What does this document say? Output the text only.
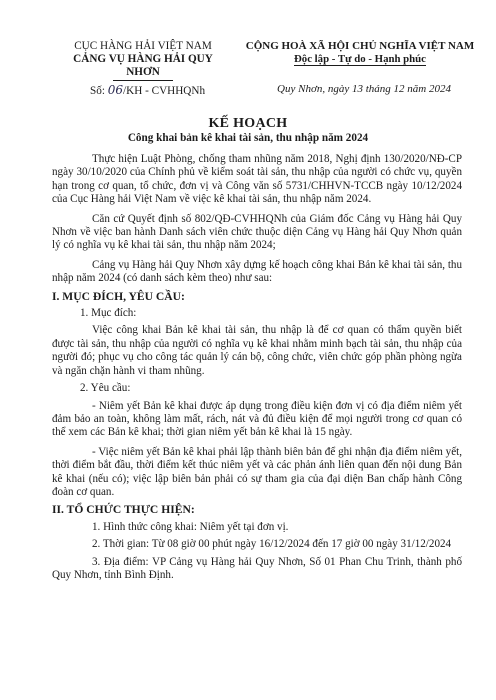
CỤC HÀNG HẢI VIỆT NAM
CẢNG VỤ HÀNG HẢI QUY NHƠN
Số: 06/KH - CVHHQNh
CỘNG HOÀ XÃ HỘI CHỦ NGHĨA VIỆT NAM
Độc lập - Tự do - Hạnh phúc
Quy Nhơn, ngày 13 tháng 12 năm 2024
KẾ HOẠCH
Công khai bản kê khai tài sản, thu nhập năm 2024

Thực hiện Luật Phòng, chống tham nhũng năm 2018, Nghị định 130/2020/NĐ-CP ngày 30/10/2020 của Chính phủ về kiểm soát tài sản, thu nhập của người có chức vụ, quyền hạn trong cơ quan, tổ chức, đơn vị và Công văn số 5731/CHHVN-TCCB ngày 10/12/2024 của Cục Hàng hải Việt Nam về việc kê khai tài sản, thu nhập năm 2024.

Căn cứ Quyết định số 802/QĐ-CVHHQNh của Giám đốc Cảng vụ Hàng hải Quy Nhơn về việc ban hành Danh sách viên chức thuộc diện Cảng vụ Hàng hải Quy Nhơn quản lý có nghĩa vụ kê khai tài sản, thu nhập năm 2024;

Cảng vụ Hàng hải Quy Nhơn xây dựng kế hoạch công khai Bản kê khai tài sản, thu nhập năm 2024 (có danh sách kèm theo) như sau:

I. MỤC ĐÍCH, YÊU CẦU:

1. Mục đích:

Việc công khai Bản kê khai tài sản, thu nhập là để cơ quan có thẩm quyền biết được tài sản, thu nhập của người có nghĩa vụ kê khai nhằm minh bạch tài sản, thu nhập của người đó; phục vụ cho công tác quản lý cán bộ, công chức, viên chức góp phần phòng ngừa và ngăn chặn hành vi tham nhũng.

2. Yêu cầu:

- Niêm yết Bản kê khai được áp dụng trong điều kiện đơn vị có địa điểm niêm yết đảm bảo an toàn, không làm mất, rách, nát và đủ điều kiện để mọi người trong cơ quan có thể xem các Bản kê khai; thời gian niêm yết bản kê khai là 15 ngày.

- Việc niêm yết Bản kê khai phải lập thành biên bản để ghi nhận địa điểm niêm yết, thời điểm bắt đầu, thời điểm kết thúc niêm yết và các phản ánh liên quan đến nội dung Bản kê khai (nếu có); việc lập biên bản phải có sự tham gia của đại diện Ban chấp hành Công đoàn cơ quan.

II. TỔ CHỨC THỰC HIỆN:

1. Hình thức công khai: Niêm yết tại đơn vị.

2. Thời gian: Từ 08 giờ 00 phút ngày 16/12/2024 đến 17 giờ 00 ngày 31/12/2024

3. Địa điểm: VP Cảng vụ Hàng hải Quy Nhơn, Số 01 Phan Chu Trinh, thành phố Quy Nhơn, tỉnh Bình Định.
